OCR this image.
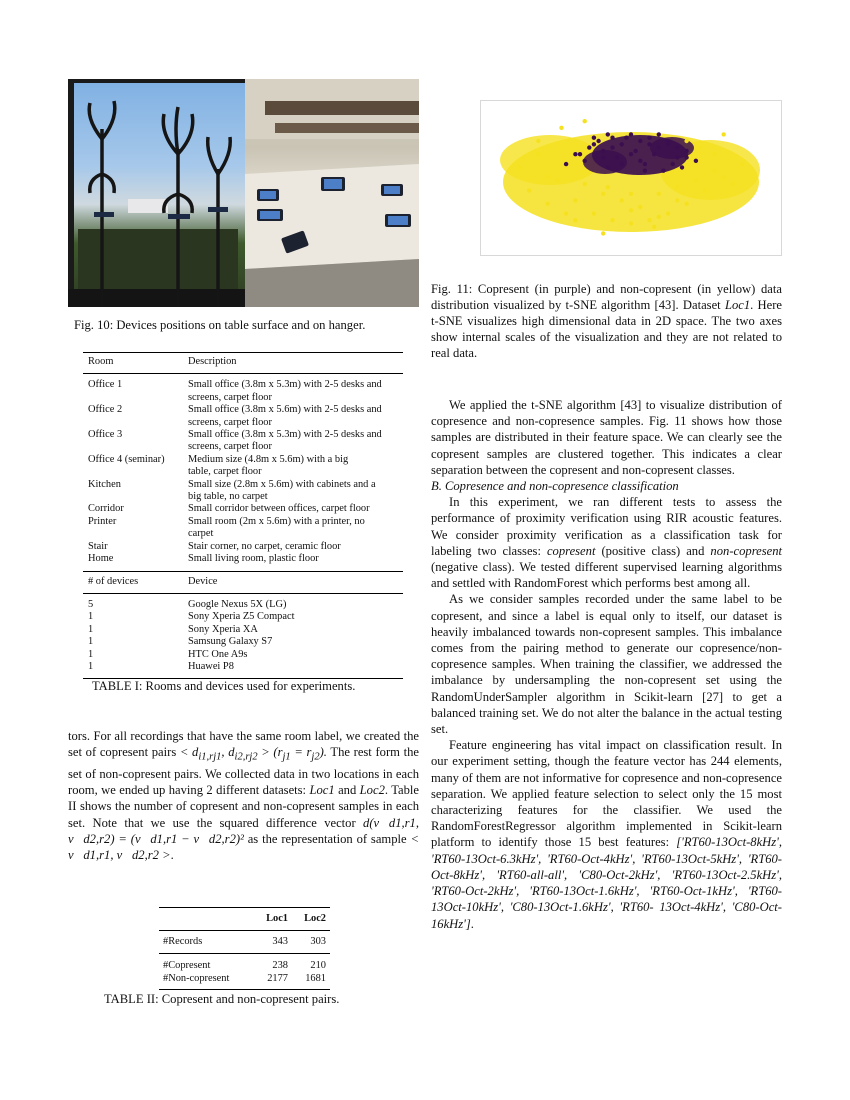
Fig. 10: Devices positions on table surface and on hanger.
Room	Description
Office 1	Small office (3.8m x 5.3m) with 2-5 desks and
screens, carpet floor
Office 2	Small office (3.8m x 5.6m) with 2-5 desks and
screens, carpet floor
Office 3	Small office (3.8m x 5.3m) with 2-5 desks and
screens, carpet floor
Office 4 (seminar)	Medium size (4.8m x 5.6m) with a big
table, carpet floor
Kitchen	Small size (2.8m x 5.6m) with cabinets and a
big table, no carpet
Corridor	Small corridor between offices, carpet floor
Printer	Small room (2m x 5.6m) with a printer, no
carpet
Stair	Stair corner, no carpet, ceramic floor
Home	Small living room, plastic floor
# of devices	Device
5	Google Nexus 5X (LG)
1	Sony Xperia Z5 Compact
1	Sony Xperia XA
1	Samsung Galaxy S7
1	HTC One A9s
1	Huawei P8
TABLE I: Rooms and devices used for experiments.

tors. For all recordings that have the same room label, we created the set of copresent pairs < $d_{i1,rj1}$, $d_{i2,rj2} > (r_{j1} = r_{j2})$. The rest form the set of non-copresent pairs. We collected data in two locations in each room, we ended up having 2 different datasets: Loc1 and Loc2. Table II shows the number of copresent and non-copresent samples in each set. Note that we use the squared difference vector d(v⃗d1,r1, v⃗d2,r2) = (v⃗d1,r1 − v⃗d2,r2)² as the representation of sample < v⃗d1,r1, v⃗d2,r2 >.

	Loc1	Loc2
#Records	343	303
#Copresent	238	210
#Non-copresent	2177	1681
TABLE II: Copresent and non-copresent pairs.
Fig. 11: Copresent (in purple) and non-copresent (in yellow) data distribution visualized by t-SNE algorithm [43]. Dataset Loc1. Here t-SNE visualizes high dimensional data in 2D space. The two axes show internal scales of the visualization and they are not related to real data.

We applied the t-SNE algorithm [43] to visualize distribution of copresence and non-copresence samples. Fig. 11 shows how those samples are distributed in their feature space. We can clearly see the copresent samples are clustered together. This indicates a clear separation between the copresent and non-copresent classes.

B. Copresence and non-copresence classification

In this experiment, we ran different tests to assess the performance of proximity verification using RIR acoustic features. We consider proximity verification as a classification task for labeling two classes: copresent (positive class) and non-copresent (negative class). We tested different supervised learning algorithms and settled with RandomForest which performs best among all.

As we consider samples recorded under the same label to be copresent, and since a label is equal only to itself, our dataset is heavily imbalanced towards non-copresent samples. This imbalance comes from the pairing method to generate our copresence/non-copresence samples. When training the classifier, we addressed the imbalance by undersampling the non-copresent set using the RandomUnderSampler algorithm in Scikit-learn [27] to get a balanced training set. We do not alter the balance in the actual testing set.

Feature engineering has vital impact on classification result. In our experiment setting, though the feature vector has 244 elements, many of them are not informative for copresence and non-copresence separation. We applied feature selection to select only the 15 most characterizing features for the classifier. We used the RandomForestRegressor algorithm implemented in Scikit-learn platform to identify those 15 best features: ['RT60-13Oct-8kHz', 'RT60-13Oct-6.3kHz', 'RT60-Oct-4kHz', 'RT60-13Oct-5kHz', 'RT60-Oct-8kHz', 'RT60-all-all', 'C80-Oct-2kHz', 'RT60-13Oct-2.5kHz', 'RT60-Oct-2kHz', 'RT60-13Oct-1.6kHz', 'RT60-Oct-1kHz', 'RT60-13Oct-10kHz', 'C80-13Oct-1.6kHz', 'RT60- 13Oct-4kHz', 'C80-Oct-16kHz'].
